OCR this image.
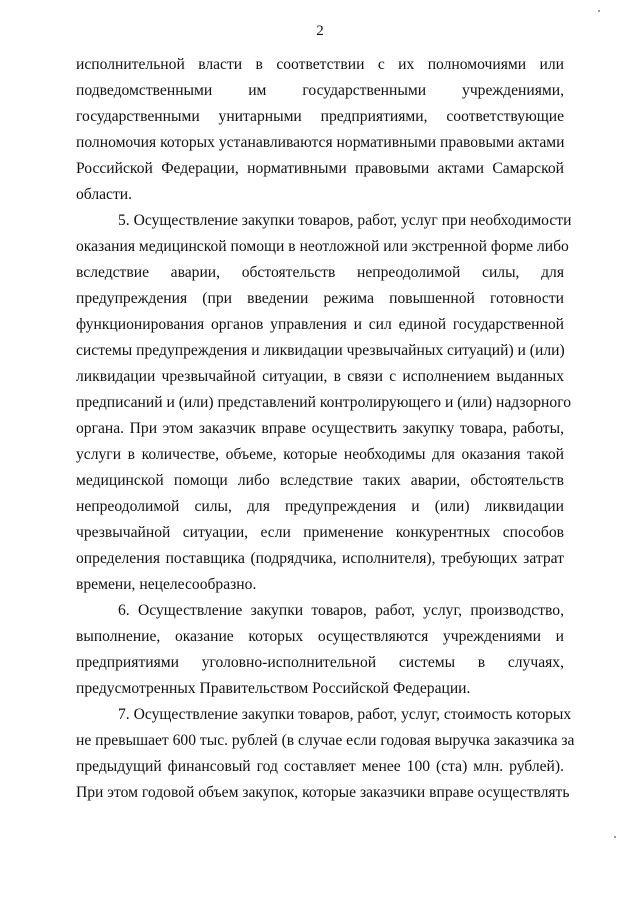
2
исполнительной власти в соответствии с их полномочиями или
подведомственными им государственными учреждениями,
государственными унитарными предприятиями, соответствующие
полномочия которых устанавливаются нормативными правовыми актами
Российской Федерации, нормативными правовыми актами Самарской
области.
5. Осуществление закупки товаров, работ, услуг при необходимости
оказания медицинской помощи в неотложной или экстренной форме либо
вследствие аварии, обстоятельств непреодолимой силы, для
предупреждения (при введении режима повышенной готовности
функционирования органов управления и сил единой государственной
системы предупреждения и ликвидации чрезвычайных ситуаций) и (или)
ликвидации чрезвычайной ситуации, в связи с исполнением выданных
предписаний и (или) представлений контролирующего и (или) надзорного
органа. При этом заказчик вправе осуществить закупку товара, работы,
услуги в количестве, объеме, которые необходимы для оказания такой
медицинской помощи либо вследствие таких аварии, обстоятельств
непреодолимой силы, для предупреждения и (или) ликвидации
чрезвычайной ситуации, если применение конкурентных способов
определения поставщика (подрядчика, исполнителя), требующих затрат
времени, нецелесообразно.
6. Осуществление закупки товаров, работ, услуг, производство,
выполнение, оказание которых осуществляются учреждениями и
предприятиями уголовно-исполнительной системы в случаях,
предусмотренных Правительством Российской Федерации.
7. Осуществление закупки товаров, работ, услуг, стоимость которых
не превышает 600 тыс. рублей (в случае если годовая выручка заказчика за
предыдущий финансовый год составляет менее 100 (ста) млн. рублей).
При этом годовой объем закупок, которые заказчики вправе осуществлять
